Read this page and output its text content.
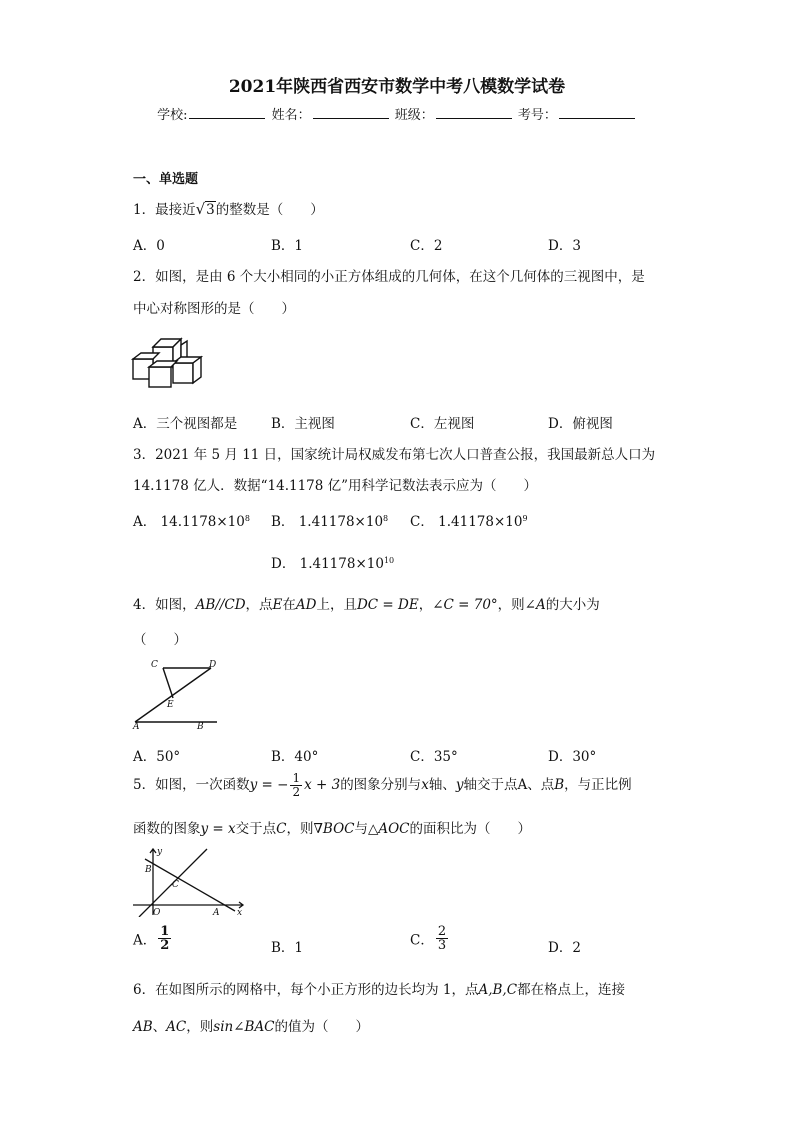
2021年陕西省西安市数学中考八模数学试卷
学校:	姓名：	班级：	考号：
一、单选题
1．最接近√3的整数是（　　）
A．0	B．1	C．2	D．3
2．如图，是由 6 个大小相同的小正方体组成的几何体，在这个几何体的三视图中，是
中心对称图形的是（　　）
A．三个视图都是	B．主视图	C．左视图	D．俯视图
3．2021 年 5 月 11 日，国家统计局权威发布第七次人口普查公报，我国最新总人口为
14.1178 亿人．数据“14.1178 亿”用科学记数法表示应为（　　）
A． $14.1178\times 10^8$ B． $1.41178\times 10^8$ C． $1.41178\times 10^9$
D． $1.41178\times 10^{10}$
4．如图，AB//CD，点E在AD上，且DC = DE，∠C = 70°，则∠A的大小为
（　　）
C	D
E
A	B
A．50°	B．40°	C．35°	D．30°
5．如图，一次函数y = − $\frac{1}{2}$ x + 3的图象分别与x轴、y轴交于点A、点B，与正比例
函数的图象y = x交于点C，则∇BOC与△AOC的面积比为（　　）
y
B
C
O	A x
A． $\frac{1}{2}$	B．1	C． $\frac{2}{3}$	D．2
6．在如图所示的网格中，每个小正方形的边长均为 1，点A,B,C都在格点上，连接
AB、AC，则sin∠BAC的值为（　　）
